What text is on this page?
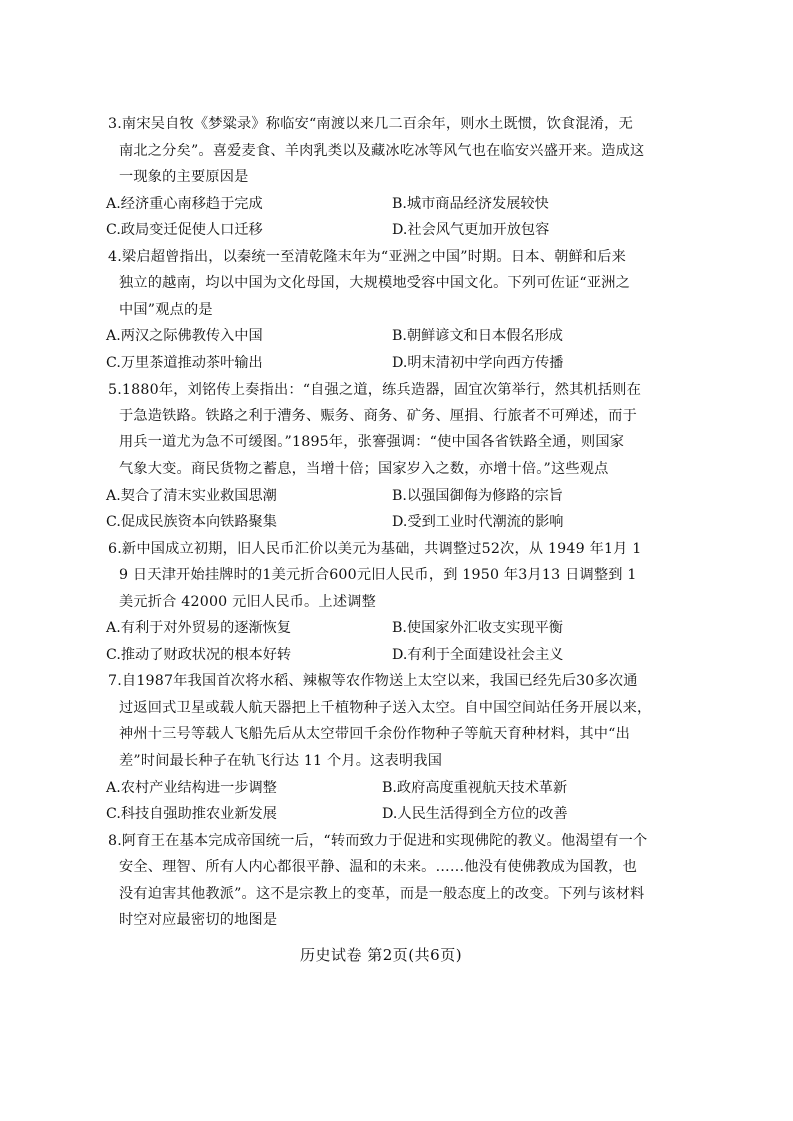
3.南宋吴自牧《梦粱录》称临安“南渡以来几二百余年，则水土既惯，饮食混淆，无
南北之分矣”。喜爱麦食、羊肉乳类以及藏冰吃冰等风气也在临安兴盛开来。造成这
一现象的主要原因是
A.经济重心南移趋于完成	B.城市商品经济发展较快
C.政局变迁促使人口迁移	D.社会风气更加开放包容
4.梁启超曾指出，以秦统一至清乾隆末年为“亚洲之中国”时期。日本、朝鲜和后来
独立的越南，均以中国为文化母国，大规模地受容中国文化。下列可佐证“亚洲之
中国”观点的是
A.两汉之际佛教传入中国	B.朝鲜谚文和日本假名形成
C.万里茶道推动茶叶输出	D.明末清初中学向西方传播
5.1880年，刘铭传上奏指出：“自强之道，练兵造器，固宜次第举行，然其机括则在
于急造铁路。铁路之利于漕务、赈务、商务、矿务、厘捐、行旅者不可殚述，而于
用兵一道尤为急不可缓图。”1895年，张謇强调：“使中国各省铁路全通，则国家
气象大变。商民货物之蓄息，当增十倍；国家岁入之数，亦增十倍。”这些观点
A.契合了清末实业救国思潮	B.以强国御侮为修路的宗旨
C.促成民族资本向铁路聚集	D.受到工业时代潮流的影响
6.新中国成立初期，旧人民币汇价以美元为基础，共调整过52次，从 1949 年1月 1
9 日天津开始挂牌时的1美元折合600元旧人民币，到 1950 年3月13 日调整到 1
美元折合 42000 元旧人民币。上述调整
A.有利于对外贸易的逐渐恢复	B.使国家外汇收支实现平衡
C.推动了财政状况的根本好转	D.有利于全面建设社会主义
7.自1987年我国首次将水稻、辣椒等农作物送上太空以来，我国已经先后30多次通
过返回式卫星或载人航天器把上千植物种子送入太空。自中国空间站任务开展以来，
神州十三号等载人飞船先后从太空带回千余份作物种子等航天育种材料，其中“出
差”时间最长种子在轨飞行达 11 个月。这表明我国
A.农村产业结构进一步调整	B.政府高度重视航天技术革新
C.科技自强助推农业新发展	D.人民生活得到全方位的改善
8.阿育王在基本完成帝国统一后，“转而致力于促进和实现佛陀的教义。他渴望有一个
安全、理智、所有人内心都很平静、温和的未来。……他没有使佛教成为国教，也
没有迫害其他教派”。这不是宗教上的变革，而是一般态度上的改变。下列与该材料
时空对应最密切的地图是
历史试卷 第2页(共6页)
